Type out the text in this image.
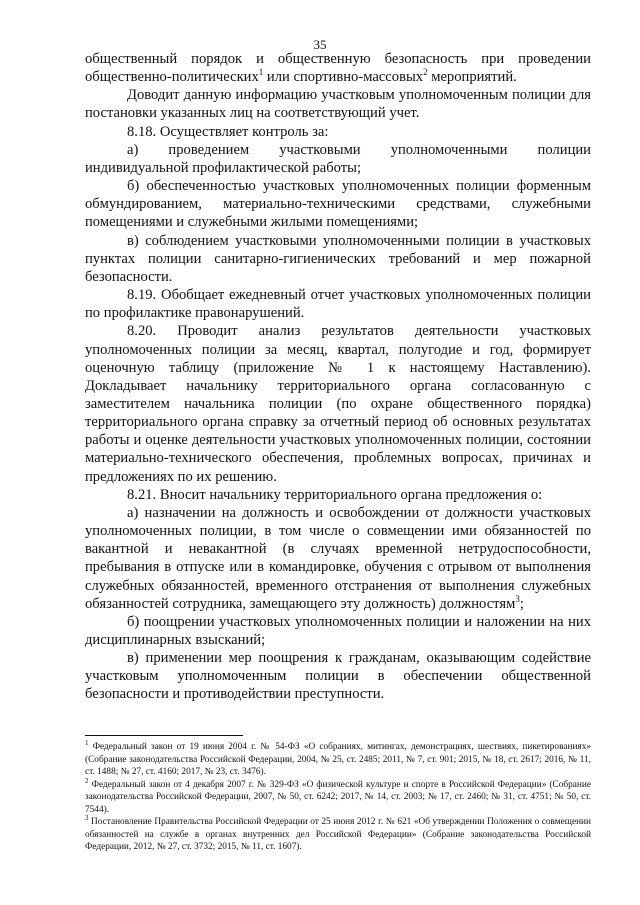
35

общественный порядок и общественную безопасность при проведении общественно-политических$^1$ или спортивно-массовых$^2$ мероприятий.

Доводит данную информацию участковым уполномоченным полиции для постановки указанных лиц на соответствующий учет.

8.18. Осуществляет контроль за:

а) проведением участковыми уполномоченными полиции индивидуальной профилактической работы;

б) обеспеченностью участковых уполномоченных полиции форменным обмундированием, материально-техническими средствами, служебными помещениями и служебными жилыми помещениями;

в) соблюдением участковыми уполномоченными полиции в участковых пунктах полиции санитарно-гигиенических требований и мер пожарной безопасности.

8.19. Обобщает ежедневный отчет участковых уполномоченных полиции по профилактике правонарушений.

8.20. Проводит анализ результатов деятельности участковых уполномоченных полиции за месяц, квартал, полугодие и год, формирует оценочную таблицу (приложение № 1 к настоящему Наставлению). Докладывает начальнику территориального органа согласованную с заместителем начальника полиции (по охране общественного порядка) территориального органа справку за отчетный период об основных результатах работы и оценке деятельности участковых уполномоченных полиции, состоянии материально-технического обеспечения, проблемных вопросах, причинах и предложениях по их решению.

8.21. Вносит начальнику территориального органа предложения о:

а) назначении на должность и освобождении от должности участковых уполномоченных полиции, в том числе о совмещении ими обязанностей по вакантной и невакантной (в случаях временной нетрудоспособности, пребывания в отпуске или в командировке, обучения с отрывом от выполнения служебных обязанностей, временного отстранения от выполнения служебных обязанностей сотрудника, замещающего эту должность) должностям$^3$;

б) поощрении участковых уполномоченных полиции и наложении на них дисциплинарных взысканий;

в) применении мер поощрения к гражданам, оказывающим содействие участковым уполномоченным полиции в обеспечении общественной безопасности и противодействии преступности.

$^1$ Федеральный закон от 19 июня 2004 г. № 54-ФЗ «О собраниях, митингах, демонстрациях, шествиях, пикетированиях» (Собрание законодательства Российской Федерации, 2004, № 25, ст. 2485; 2011, № 7, ст. 901; 2015, № 18, ст. 2617; 2016, № 11, ст. 1488; № 27, ст. 4160; 2017, № 23, ст. 3476).

$^2$ Федеральный закон от 4 декабря 2007 г. № 329-ФЗ «О физической культуре и спорте в Российской Федерации» (Собрание законодательства Российской Федерации, 2007, № 50, ст. 6242; 2017, № 14, ст. 2003; № 17, ст. 2460; № 31, ст. 4751; № 50, ст. 7544).

$^3$ Постановление Правительства Российской Федерации от 25 июня 2012 г. № 621 «Об утверждении Положения о совмещении обязанностей на службе в органах внутренних дел Российской Федерации» (Собрание законодательства Российской Федерации, 2012, № 27, ст. 3732; 2015, № 11, ст. 1607).
